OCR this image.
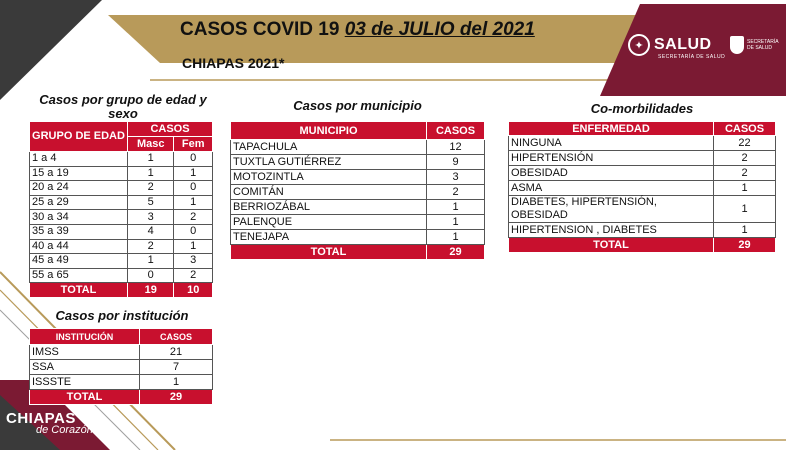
CASOS COVID 19 03 de JULIO del 2021
CHIAPAS 2021*
✦ SALUD
SECRETARÍA DE SALUD
SECRETARÍA DE SALUD
Casos por grupo de edad y sexo
GRUPO DE EDAD	CASOS	
	Masc	Fem
1 a 4	1	0
15 a 19	1	1
20 a 24	2	0
25 a 29	5	1
30 a 34	3	2
35 a 39	4	0
40 a 44	2	1
45 a 49	1	3
55 a 65	0	2
TOTAL	19	10
Casos por institución
INSTITUCIÓN	CASOS
IMSS	21
SSA	7
ISSSTE	1
TOTAL	29
Casos por municipio
MUNICIPIO	CASOS
TAPACHULA	12
TUXTLA GUTIÉRREZ	9
MOTOZINTLA	3
COMITÁN	2
BERRIOZÁBAL	1
PALENQUE	1
TENEJAPA	1
TOTAL	29
Co-morbilidades
ENFERMEDAD	CASOS
NINGUNA	22
HIPERTENSIÓN	2
OBESIDAD	2
ASMA	1
DIABETES, HIPERTENSIÓN, OBESIDAD	1
HIPERTENSION , DIABETES	1
TOTAL	29
CHIAPAS
de Corazón
